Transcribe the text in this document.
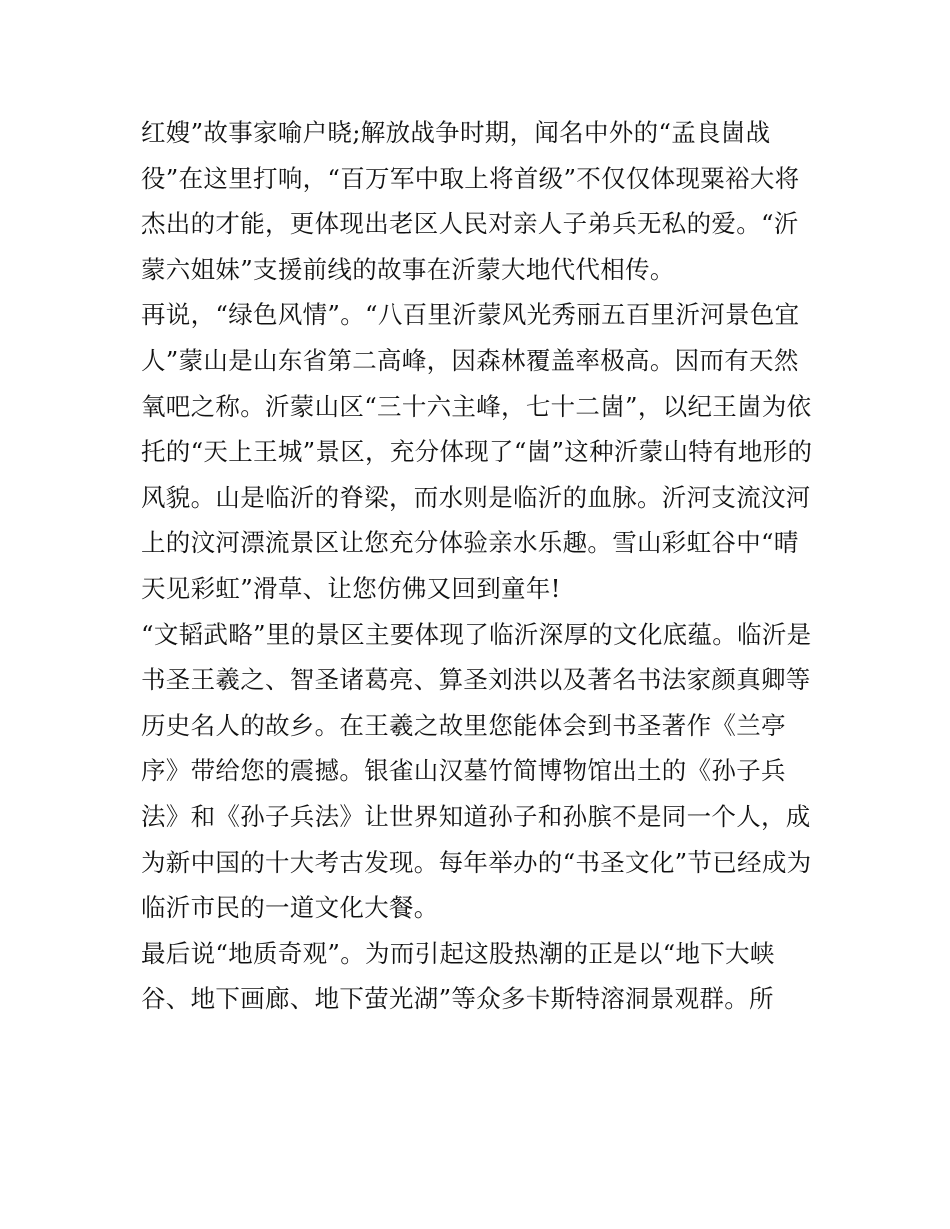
红嫂”故事家喻户晓;解放战争时期，闻名中外的“孟良崮战
役”在这里打响，“百万军中取上将首级”不仅仅体现粟裕大将
杰出的才能，更体现出老区人民对亲人子弟兵无私的爱。“沂
蒙六姐妹”支援前线的故事在沂蒙大地代代相传。
再说，“绿色风情”。“八百里沂蒙风光秀丽五百里沂河景色宜
人”蒙山是山东省第二高峰，因森林覆盖率极高。因而有天然
氧吧之称。沂蒙山区“三十六主峰，七十二崮”，以纪王崮为依
托的“天上王城”景区，充分体现了“崮”这种沂蒙山特有地形的
风貌。山是临沂的脊梁，而水则是临沂的血脉。沂河支流汶河
上的汶河漂流景区让您充分体验亲水乐趣。雪山彩虹谷中“晴
天见彩虹”滑草、让您仿佛又回到童年!
“文韬武略”里的景区主要体现了临沂深厚的文化底蕴。临沂是
书圣王羲之、智圣诸葛亮、算圣刘洪以及著名书法家颜真卿等
历史名人的故乡。在王羲之故里您能体会到书圣著作《兰亭
序》带给您的震撼。银雀山汉墓竹简博物馆出土的《孙子兵
法》和《孙子兵法》让世界知道孙子和孙膑不是同一个人，成
为新中国的十大考古发现。每年举办的“书圣文化”节已经成为
临沂市民的一道文化大餐。
最后说“地质奇观”。为而引起这股热潮的正是以“地下大峡
谷、地下画廊、地下萤光湖”等众多卡斯特溶洞景观群。所
